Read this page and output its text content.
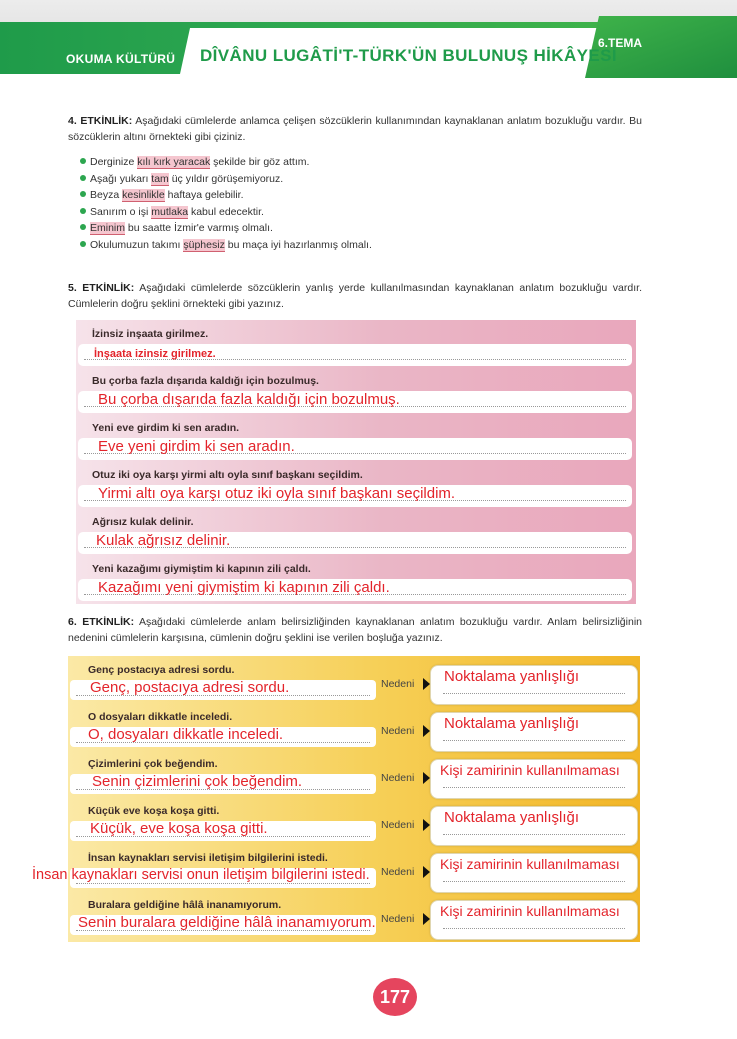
OKUMA KÜLTÜRÜ DÎVÂNU LUGÂTİ'T-TÜRK'ÜN BULUNUŞ HİKÂYESİ
6.TEMA
4. ETKİNLİK: Aşağıdaki cümlelerde anlamca çelişen sözcüklerin kullanımından kaynaklanan anlatım bozukluğu vardır. Bu sözcüklerin altını örnekteki gibi çiziniz.
Derginize kılı kırk yaracak şekilde bir göz attım.
Aşağı yukarı tam üç yıldır görüşemiyoruz.
Beyza kesinlikle haftaya gelebilir.
Sanırım o işi mutlaka kabul edecektir.
Eminim bu saatte İzmir'e varmış olmalı.
Okulumuzun takımı şüphesiz bu maça iyi hazırlanmış olmalı.
5. ETKİNLİK: Aşağıdaki cümlelerde sözcüklerin yanlış yerde kullanılmasından kaynaklanan anlatım bozukluğu vardır. Cümlelerin doğru şeklini örnekteki gibi yazınız.
İzinsiz inşaata girilmez.
İnşaata izinsiz girilmez.
Bu çorba fazla dışarıda kaldığı için bozulmuş.
Bu çorba dışarıda fazla kaldığı için bozulmuş.
Yeni eve girdim ki sen aradın.
Eve yeni girdim ki sen aradın.
Otuz iki oya karşı yirmi altı oyla sınıf başkanı seçildim.
Yirmi altı oya karşı otuz iki oyla sınıf başkanı seçildim.
Ağrısız kulak delinir.
Kulak ağrısız delinir.
Yeni kazağımı giymiştim ki kapının zili çaldı.
Kazağımı yeni giymiştim ki kapının zili çaldı.
6. ETKİNLİK: Aşağıdaki cümlelerde anlam belirsizliğinden kaynaklanan anlatım bozukluğu vardır. Anlam belirsizliğinin nedenini cümlelerin karşısına, cümlenin doğru şeklini ise verilen boşluğa yazınız.
Genç postacıya adresi sordu.
Nedeni Noktalama yanlışlığı
Genç, postacıya adresi sordu.
O dosyaları dikkatle inceledi.
Nedeni Noktalama yanlışlığı
O, dosyaları dikkatle inceledi.
Çizimlerini çok beğendim.
Nedeni Kişi zamirinin kullanılmaması
Senin çizimlerini çok beğendim.
Küçük eve koşa koşa gitti.
Nedeni Noktalama yanlışlığı
Küçük, eve koşa koşa gitti.
İnsan kaynakları servisi iletişim bilgilerini istedi.
Nedeni Kişi zamirinin kullanılmaması
İnsan kaynakları servisi onun iletişim bilgilerini istedi.
Buralara geldiğine hâlâ inanamıyorum.
Nedeni Kişi zamirinin kullanılmaması
Senin buralara geldiğine hâlâ inanamıyorum.
177
